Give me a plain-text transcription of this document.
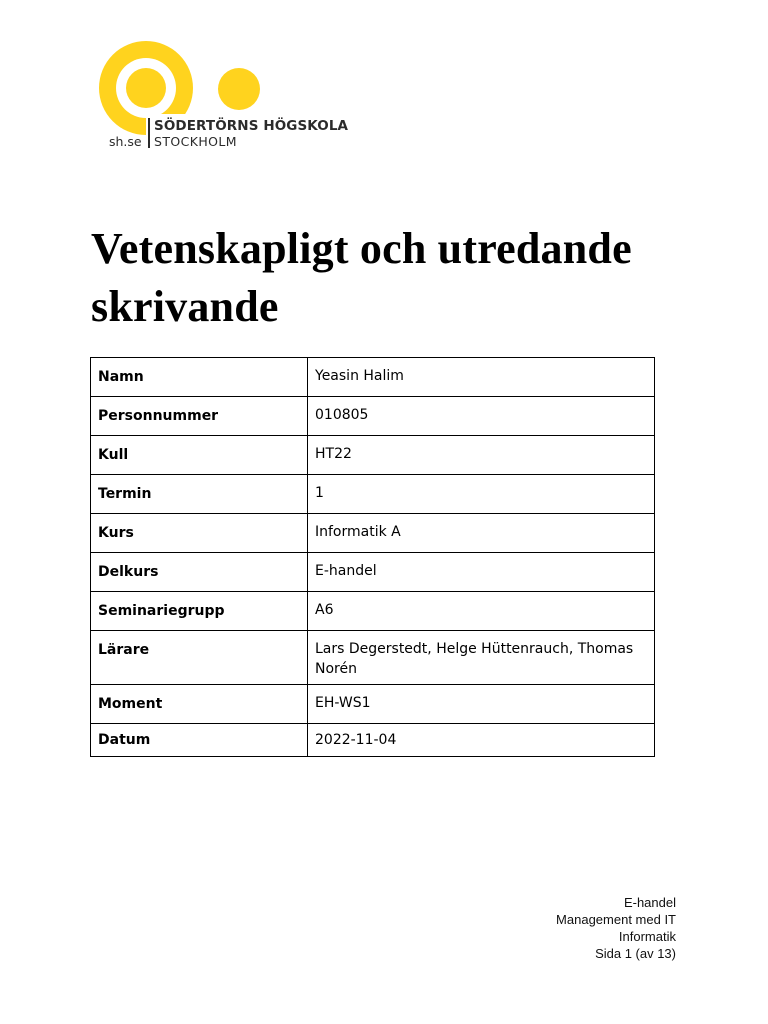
SÖDERTÖRNS HÖGSKOLA
sh.se STOCKHOLM
Vetenskapligt och utredande skrivande
Namn	Yeasin Halim
Personnummer	010805
Kull	HT22
Termin	1
Kurs	Informatik A
Delkurs	E-handel
Seminariegrupp	A6
Lärare	Lars Degerstedt, Helge Hüttenrauch, Thomas Norén
Moment	EH-WS1
Datum	2022-11-04
E-handel
Management med IT
Informatik
Sida 1 (av 13)
